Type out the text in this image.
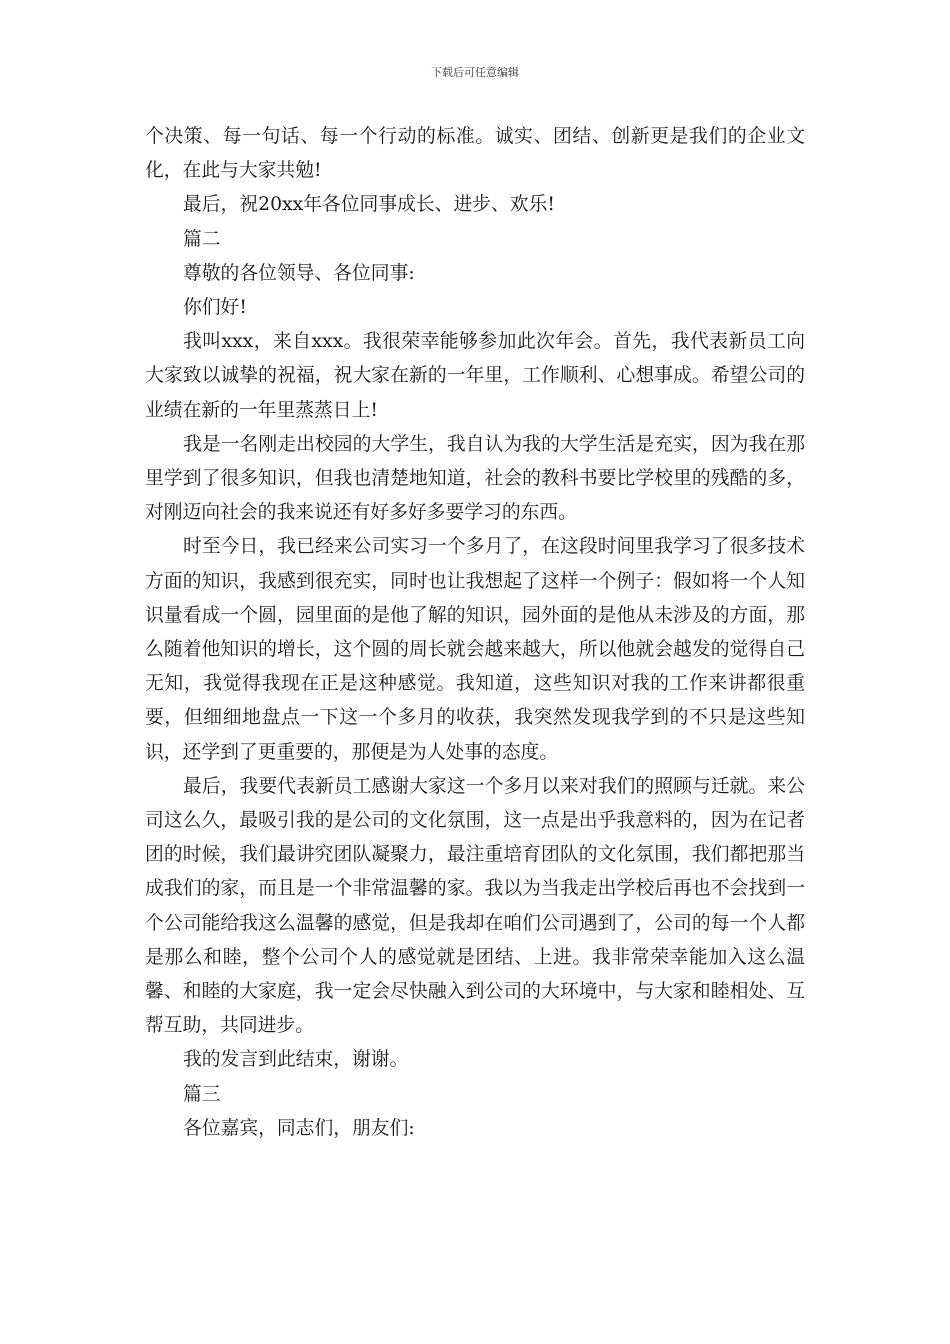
下载后可任意编辑

个决策、每一句话、每一个行动的标准。诚实、团结、创新更是我们的企业文化，在此与大家共勉!

最后，祝20xx年各位同事成长、进步、欢乐!

篇二

尊敬的各位领导、各位同事:

你们好!

我叫xxx，来自xxx。我很荣幸能够参加此次年会。首先，我代表新员工向大家致以诚挚的祝福，祝大家在新的一年里，工作顺利、心想事成。希望公司的业绩在新的一年里蒸蒸日上!

我是一名刚走出校园的大学生，我自认为我的大学生活是充实，因为我在那里学到了很多知识，但我也清楚地知道，社会的教科书要比学校里的残酷的多，对刚迈向社会的我来说还有好多好多要学习的东西。

时至今日，我已经来公司实习一个多月了，在这段时间里我学习了很多技术方面的知识，我感到很充实，同时也让我想起了这样一个例子：假如将一个人知识量看成一个圆，园里面的是他了解的知识，园外面的是他从未涉及的方面，那么随着他知识的增长，这个圆的周长就会越来越大，所以他就会越发的觉得自己无知，我觉得我现在正是这种感觉。我知道，这些知识对我的工作来讲都很重要，但细细地盘点一下这一个多月的收获，我突然发现我学到的不只是这些知识，还学到了更重要的，那便是为人处事的态度。

最后，我要代表新员工感谢大家这一个多月以来对我们的照顾与迁就。来公司这么久，最吸引我的是公司的文化氛围，这一点是出乎我意料的，因为在记者团的时候，我们最讲究团队凝聚力，最注重培育团队的文化氛围，我们都把那当成我们的家，而且是一个非常温馨的家。我以为当我走出学校后再也不会找到一个公司能给我这么温馨的感觉，但是我却在咱们公司遇到了，公司的每一个人都是那么和睦，整个公司个人的感觉就是团结、上进。我非常荣幸能加入这么温馨、和睦的大家庭，我一定会尽快融入到公司的大环境中，与大家和睦相处、互帮互助，共同进步。

我的发言到此结束，谢谢。

篇三

各位嘉宾，同志们，朋友们:
